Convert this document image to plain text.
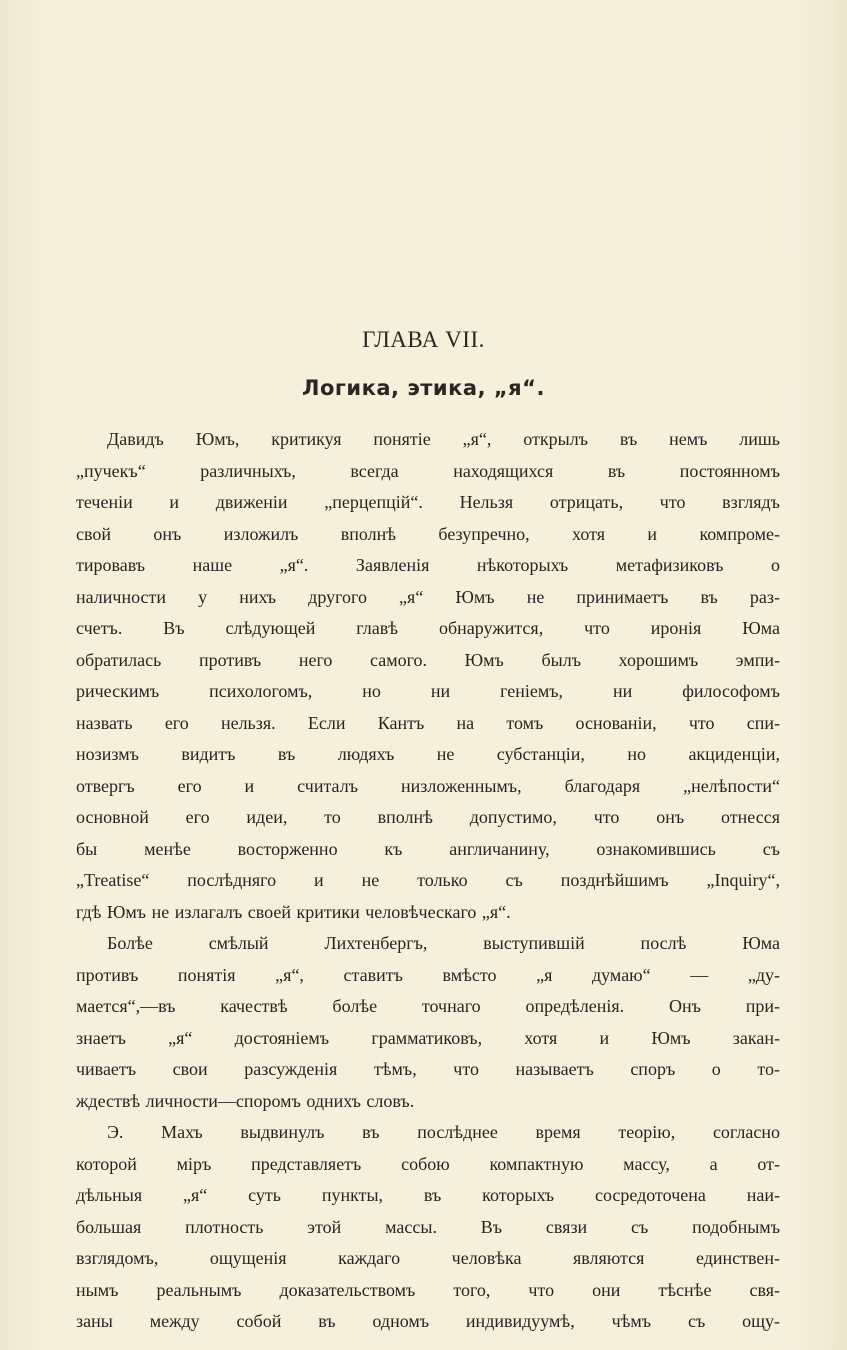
ГЛАВА VII.
Логика, этика, „я“.
Давидъ Юмъ, критикуя понятіе „я“, открылъ въ немъ лишь
„пучекъ“ различныхъ, всегда находящихся въ постоянномъ
теченіи и движеніи „перцепцій“. Нельзя отрицать, что взглядъ
свой онъ изложилъ вполнѣ безупречно, хотя и компроме-
тировавъ наше „я“. Заявленія нѣкоторыхъ метафизиковъ о
наличности у нихъ другого „я“ Юмъ не принимаетъ въ раз-
счетъ. Въ слѣдующей главѣ обнаружится, что иронія Юма
обратилась противъ него самого. Юмъ былъ хорошимъ эмпи-
рическимъ психологомъ, но ни геніемъ, ни философомъ
назвать его нельзя. Если Кантъ на томъ основаніи, что спи-
нозизмъ видитъ въ людяхъ не субстанціи, но акциденціи,
отвергъ его и считалъ низложеннымъ, благодаря „нелѣпости“
основной его идеи, то вполнѣ допустимо, что онъ отнесся
бы менѣе восторженно къ англичанину, ознакомившись съ
„Treatise“ послѣдняго и не только съ позднѣйшимъ „Inquiry“,
гдѣ Юмъ не излагалъ своей критики человѣческаго „я“.
Болѣе смѣлый Лихтенбергъ, выступившій послѣ Юма
противъ понятія „я“, ставитъ вмѣсто „я думаю“ — „ду-
мается“,—въ качествѣ болѣе точнаго опредѣленія. Онъ при-
знаетъ „я“ достояніемъ грамматиковъ, хотя и Юмъ закан-
чиваетъ свои разсужденія тѣмъ, что называетъ споръ о то-
ждествѣ личности—споромъ однихъ словъ.
Э. Махъ выдвинулъ въ послѣднее время теорію, согласно
которой міръ представляетъ собою компактную массу, а от-
дѣльныя „я“ суть пункты, въ которыхъ сосредоточена наи-
большая плотность этой массы. Въ связи съ подобнымъ
взглядомъ, ощущенія каждаго человѣка являются единствен-
нымъ реальнымъ доказательствомъ того, что они тѣснѣе свя-
заны между собой въ одномъ индивидуумѣ, чѣмъ съ ощу-
